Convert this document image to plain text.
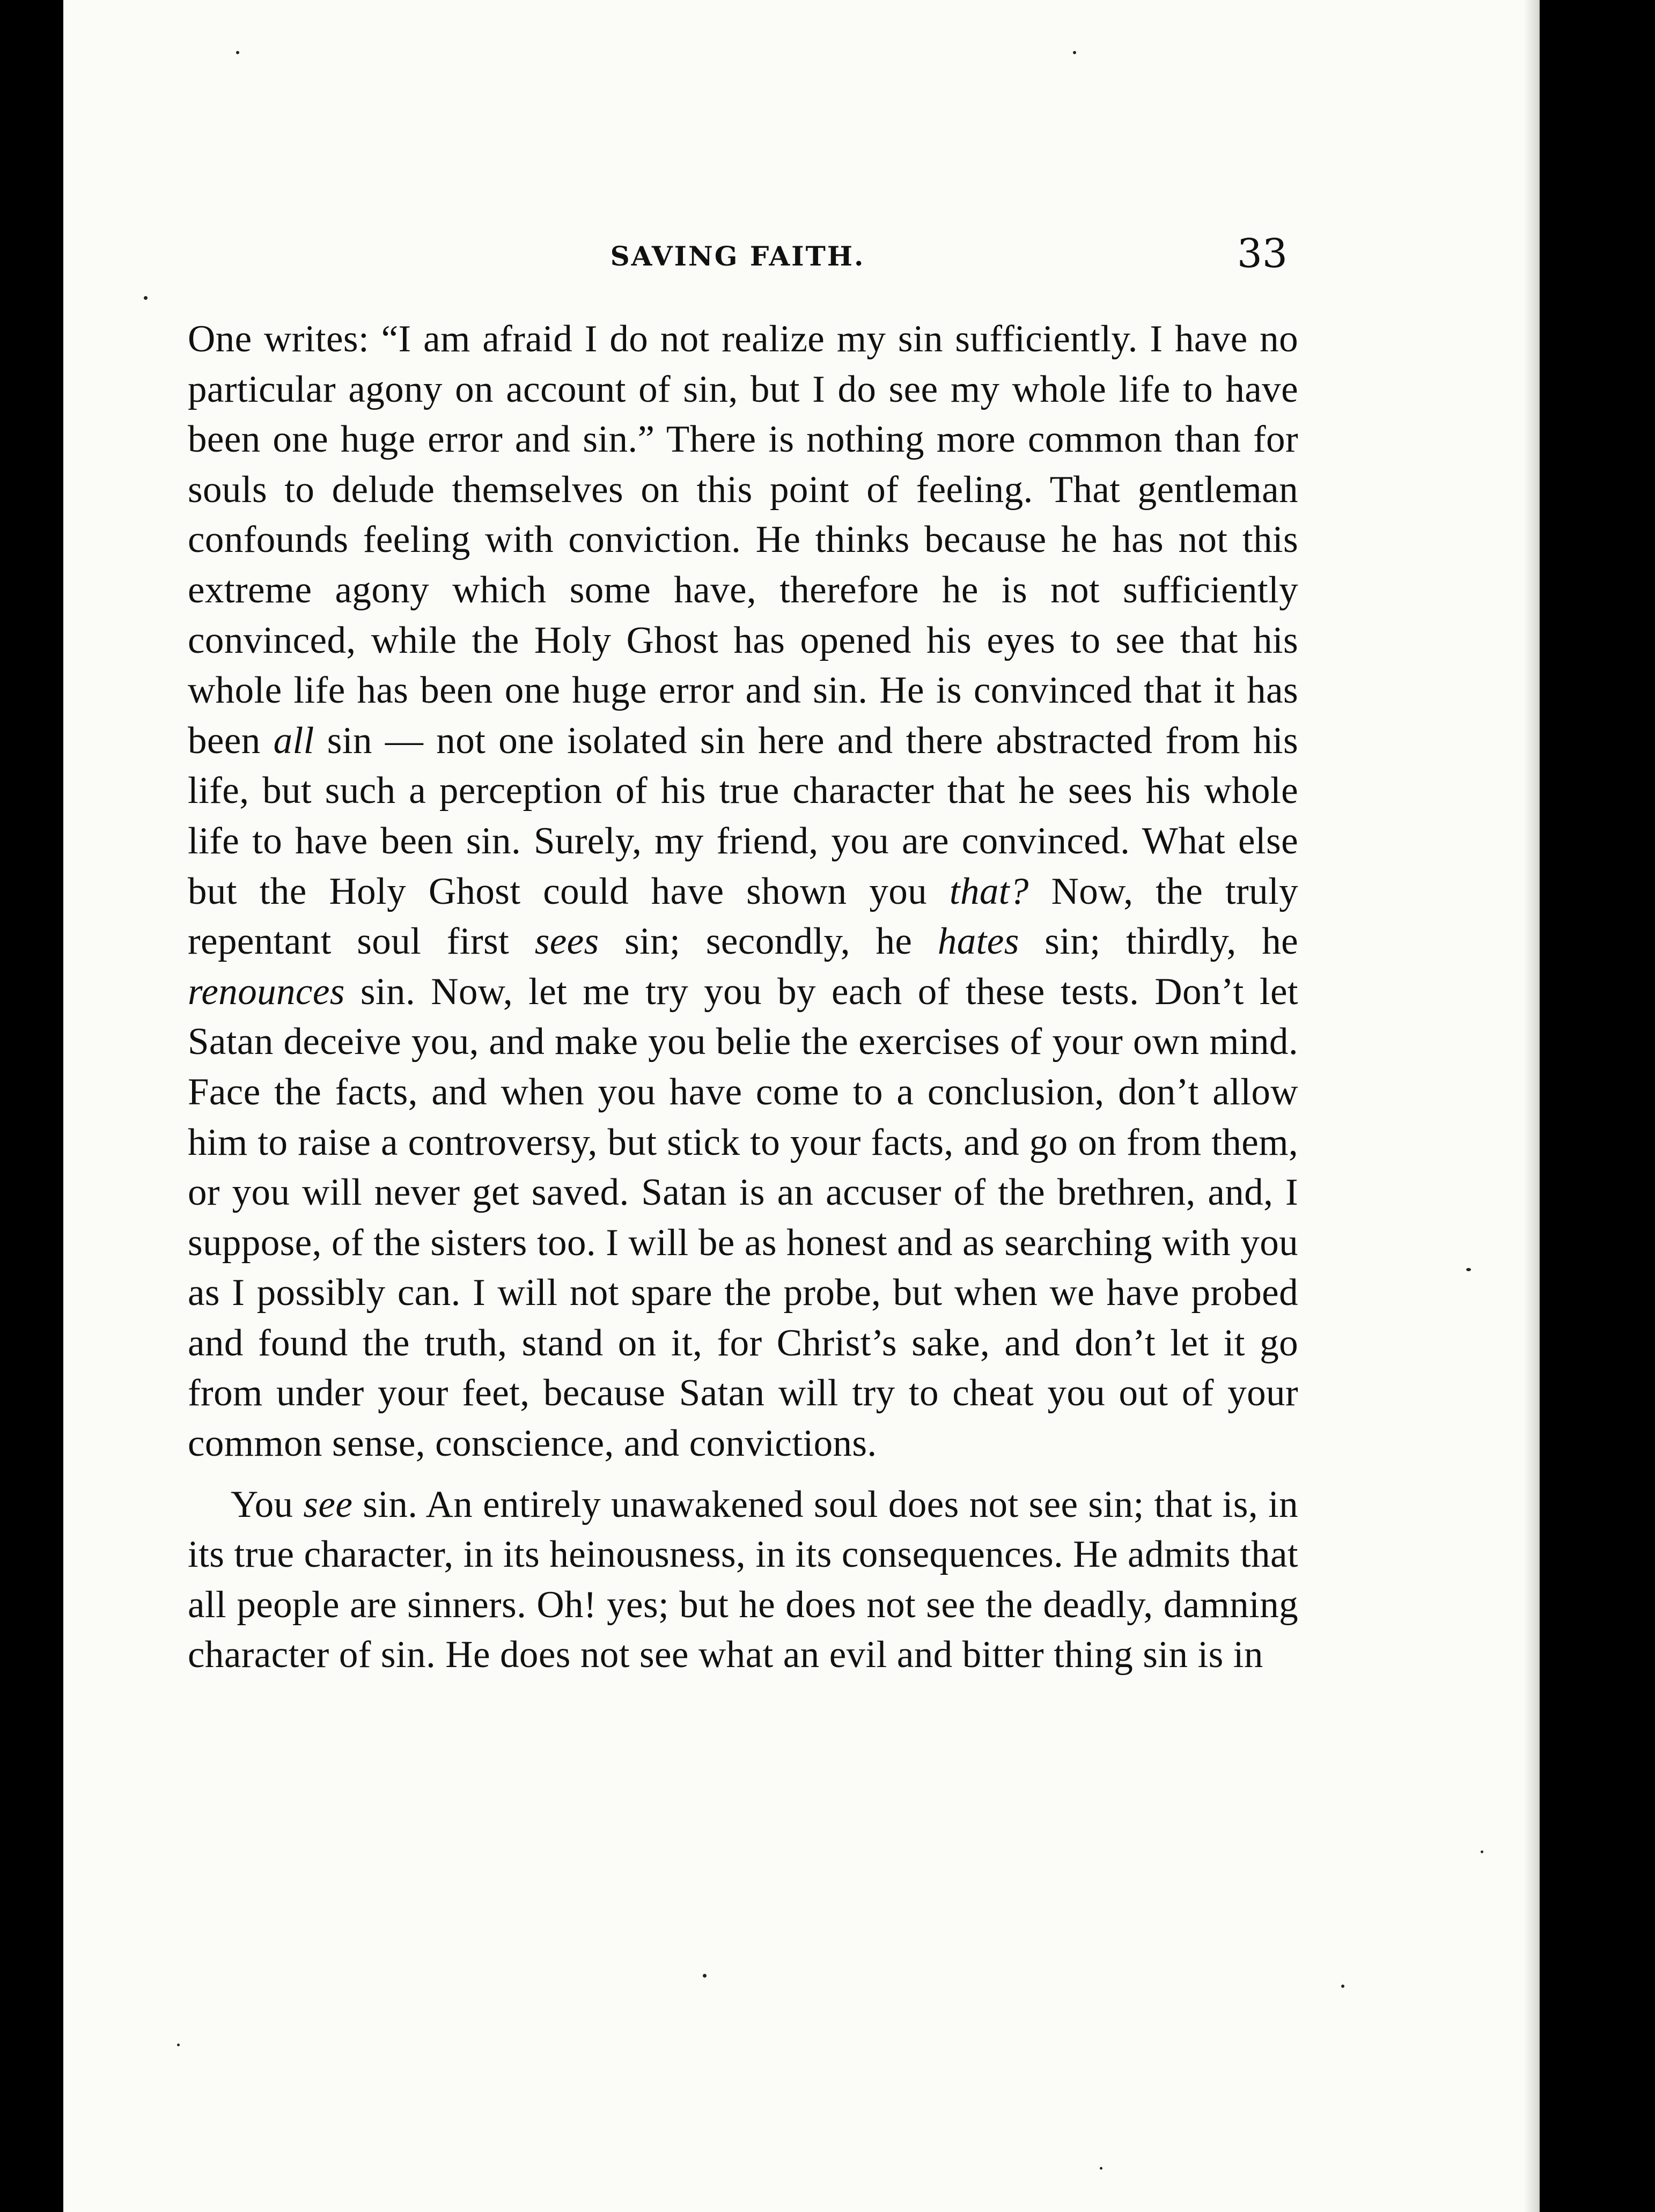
SAVING FAITH.	33

One writes: “I am afraid I do not realize my sin sufficiently. I have no particular agony on account of sin, but I do see my whole life to have been one huge error and sin.” There is nothing more common than for souls to delude themselves on this point of feeling. That gentleman confounds feeling with conviction. He thinks because he has not this extreme agony which some have, therefore he is not sufficiently convinced, while the Holy Ghost has opened his eyes to see that his whole life has been one huge error and sin. He is convinced that it has been all sin — not one isolated sin here and there abstracted from his life, but such a perception of his true character that he sees his whole life to have been sin. Surely, my friend, you are convinced. What else but the Holy Ghost could have shown you that? Now, the truly repentant soul first sees sin; secondly, he hates sin; thirdly, he renounces sin. Now, let me try you by each of these tests. Don’t let Satan deceive you, and make you belie the exercises of your own mind. Face the facts, and when you have come to a conclusion, don’t allow him to raise a controversy, but stick to your facts, and go on from them, or you will never get saved. Satan is an accuser of the brethren, and, I suppose, of the sisters too. I will be as honest and as searching with you as I possibly can. I will not spare the probe, but when we have probed and found the truth, stand on it, for Christ’s sake, and don’t let it go from under your feet, because Satan will try to cheat you out of your common sense, conscience, and convictions.

You see sin. An entirely unawakened soul does not see sin; that is, in its true character, in its heinousness, in its consequences. He admits that all people are sinners. Oh! yes; but he does not see the deadly, damning character of sin. He does not see what an evil and bitter thing sin is in
